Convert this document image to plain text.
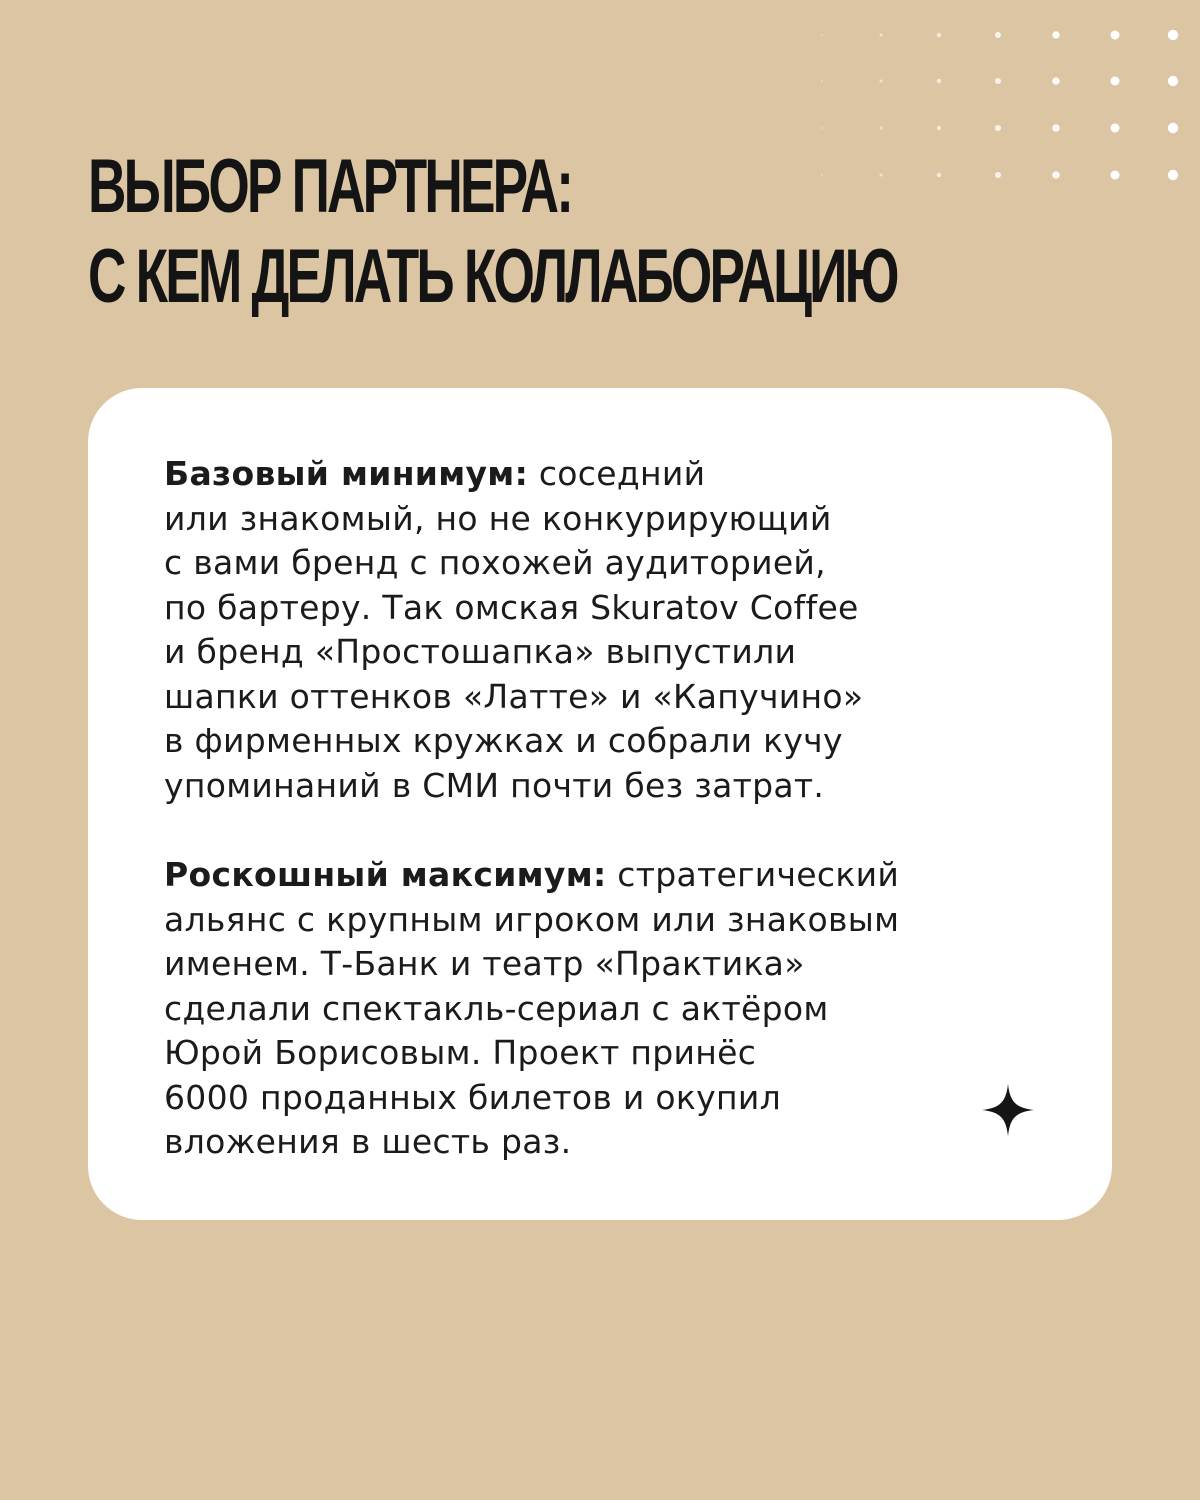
ВЫБОР ПАРТНЕРА:
С КЕМ ДЕЛАТЬ КОЛЛАБОРАЦИЮ

Базовый минимум: соседний
или знакомый, но не конкурирующий
с вами бренд с похожей аудиторией,
по бартеру. Так омская Skuratov Coffee
и бренд «Простошапка» выпустили
шапки оттенков «Латте» и «Капучино»
в фирменных кружках и собрали кучу
упоминаний в СМИ почти без затрат.

Роскошный максимум: стратегический
альянс с крупным игроком или знаковым
именем. Т-Банк и театр «Практика»
сделали спектакль-сериал с актёром
Юрой Борисовым. Проект принёс
6000 проданных билетов и окупил
вложения в шесть раз.
